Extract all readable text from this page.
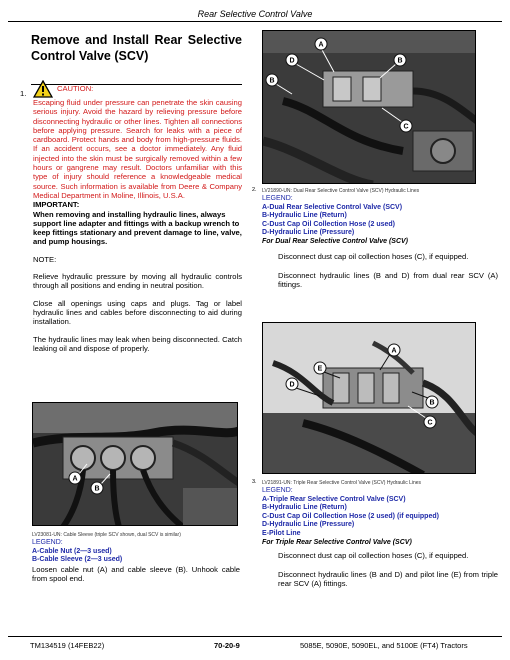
Rear Selective Control Valve
Remove and Install Rear Selective Control Valve (SCV)
1.
CAUTION:
Escaping fluid under pressure can penetrate the skin causing serious injury. Avoid the hazard by relieving pressure before disconnecting hydraulic or other lines. Tighten all connections before applying pressure. Search for leaks with a piece of cardboard. Protect hands and body from high-pressure fluids. If an accident occurs, see a doctor immediately. Any fluid injected into the skin must be surgically removed within a few hours or gangrene may result. Doctors unfamiliar with this type of injury should reference a knowledgeable medical source. Such information is available from Deere & Company Medical Department in Moline, Illinois, U.S.A.
IMPORTANT:
When removing and installing hydraulic lines, always support line adapter and fittings with a backup wrench to keep fittings stationary and prevent damage to line, valve, and pump housings.
NOTE:
Relieve hydraulic pressure by moving all hydraulic controls through all positions and ending in neutral position.
Close all openings using caps and plugs. Tag or label hydraulic lines and cables before disconnecting to aid during installation.
The hydraulic lines may leak when being disconnected. Catch leaking oil and dispose of properly.
A
B
LV23081-UN: Cable Sleeve (triple SCV shown, dual SCV is similar)
LEGEND:
A-Cable Nut (2—3 used)
B-Cable Sleeve (2—3 used)
Loosen cable nut (A) and cable sleeve (B). Unhook cable from spool end.
A
B
C
D
B
2. LV21890-UN: Dual Rear Selective Control Valve (SCV) Hydraulic Lines
LEGEND:
A-Dual Rear Selective Control Valve (SCV)
B-Hydraulic Line (Return)
C-Dust Cap Oil Collection Hose (2 used)
D-Hydraulic Line (Pressure)
For Dual Rear Selective Control Valve (SCV)
Disconnect dust cap oil collection hoses (C), if equipped.
Disconnect hydraulic lines (B and D) from dual rear SCV (A) fittings.
A
E
D
B
C
3. LV21891-UN: Triple Rear Selective Control Valve (SCV) Hydraulic Lines
LEGEND:
A-Triple Rear Selective Control Valve (SCV)
B-Hydraulic Line (Return)
C-Dust Cap Oil Collection Hose (2 used) (if equipped)
D-Hydraulic Line (Pressure)
E-Pilot Line
For Triple Rear Selective Control Valve (SCV)
Disconnect dust cap oil collection hoses (C), if equipped.
Disconnect hydraulic lines (B and D) and pilot line (E) from triple rear SCV (A) fittings.
TM134519 (14FEB22)	70-20-9	5085E, 5090E, 5090EL, and 5100E (FT4) Tractors
